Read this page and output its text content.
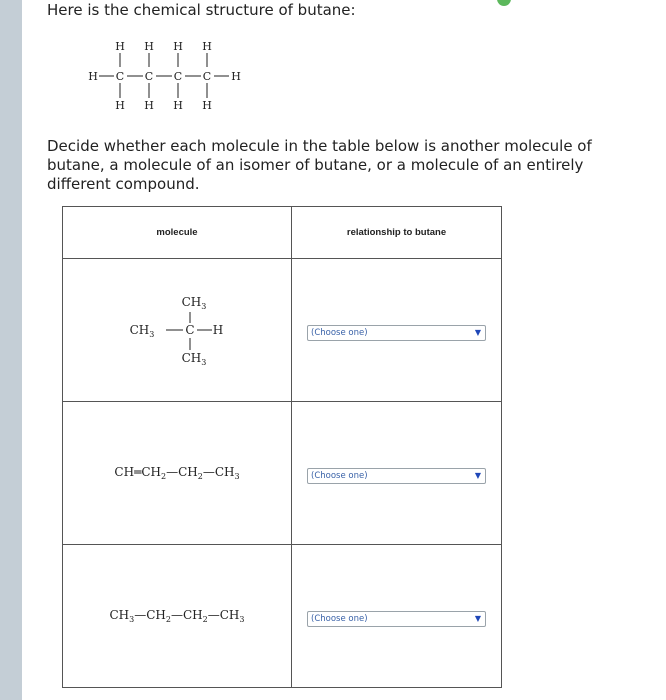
Here is the chemical structure of butane:
H H H H
H C C C C H
H H H H
Decide whether each molecule in the table below is another molecule of butane, a molecule of an isomer of butane, or a molecule of an entirely different compound.
molecule	relationship to butane

$CH_3$
$CH_3$ C H
$CH_3$	(Choose one) ▼

$CH═CH_2—CH_2—CH_3$	(Choose one) ▼

$CH_3—CH_2—CH_2—CH_3$	(Choose one) ▼
